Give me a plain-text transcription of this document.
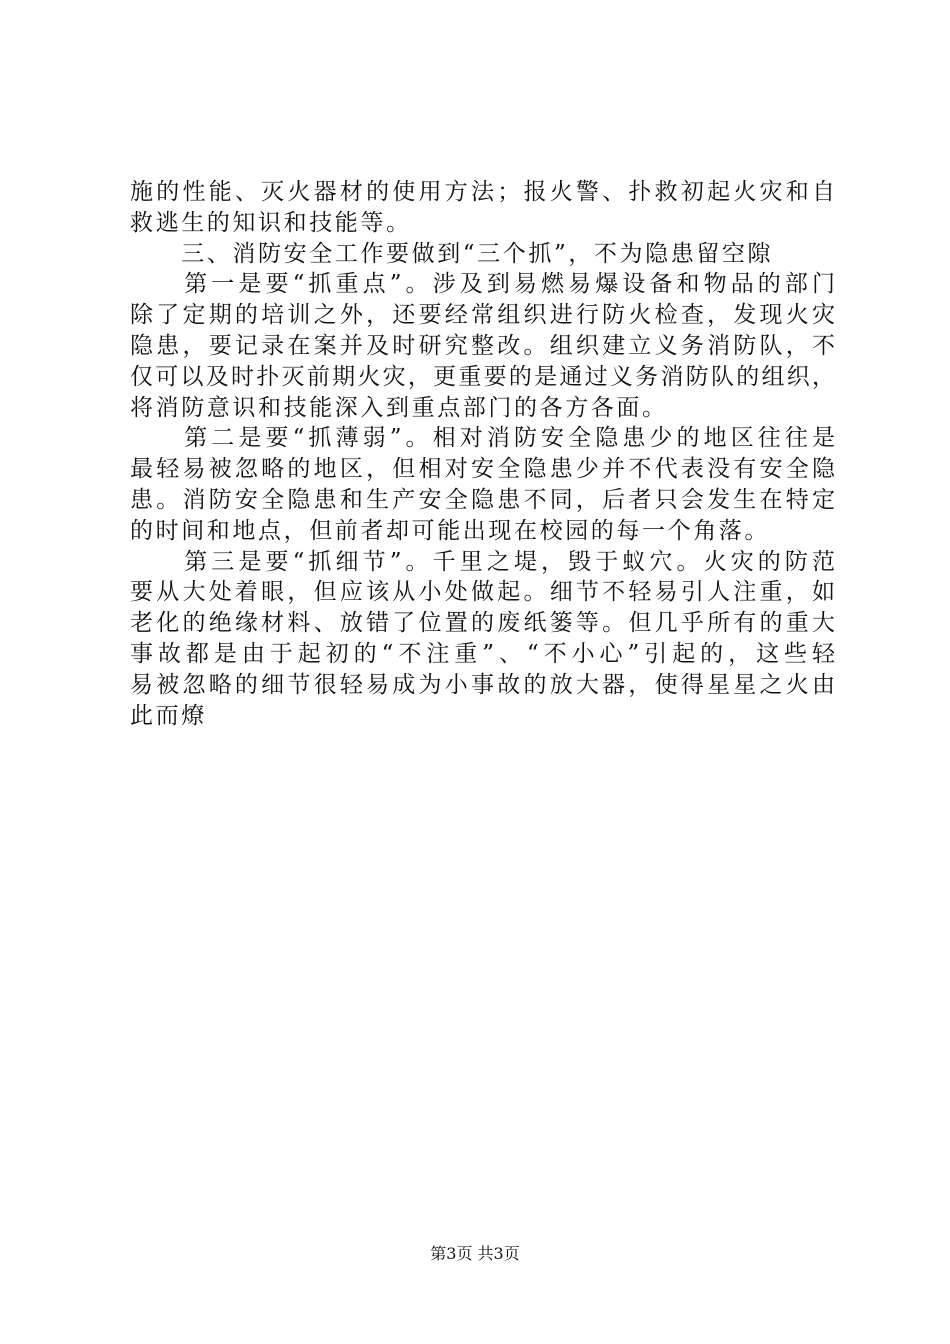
施的性能、灭火器材的使用方法；报火警、扑救初起火灾和自
救逃生的知识和技能等。
　　三、消防安全工作要做到“三个抓”，不为隐患留空隙
　　第一是要“抓重点”。涉及到易燃易爆设备和物品的部门
除了定期的培训之外，还要经常组织进行防火检查，发现火灾
隐患，要记录在案并及时研究整改。组织建立义务消防队，不
仅可以及时扑灭前期火灾，更重要的是通过义务消防队的组织，
将消防意识和技能深入到重点部门的各方各面。
　　第二是要“抓薄弱”。相对消防安全隐患少的地区往往是
最轻易被忽略的地区，但相对安全隐患少并不代表没有安全隐
患。消防安全隐患和生产安全隐患不同，后者只会发生在特定
的时间和地点，但前者却可能出现在校园的每一个角落。
　　第三是要“抓细节”。千里之堤，毁于蚁穴。火灾的防范
要从大处着眼，但应该从小处做起。细节不轻易引人注重，如
老化的绝缘材料、放错了位置的废纸篓等。但几乎所有的重大
事故都是由于起初的“不注重”、“不小心”引起的，这些轻
易被忽略的细节很轻易成为小事故的放大器，使得星星之火由
此而燎
第3页 共3页
